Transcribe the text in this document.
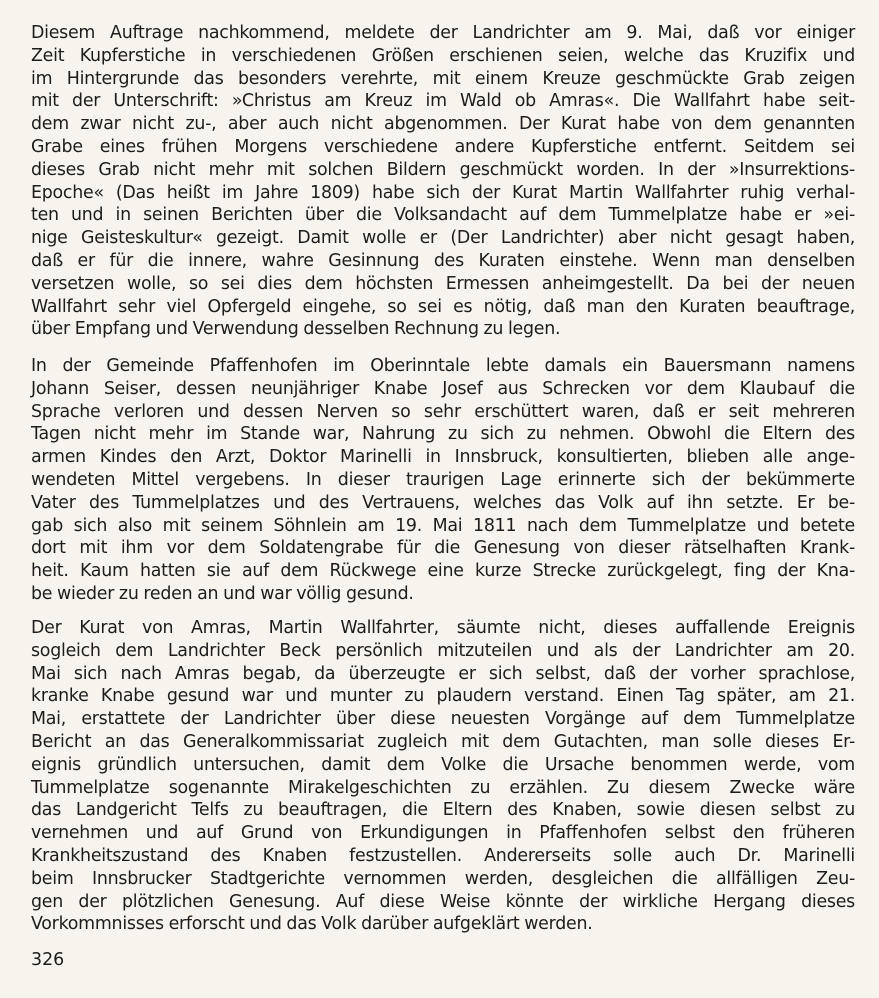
Diesem Auftrage nachkommend, meldete der Landrichter am 9. Mai, daß vor einiger
Zeit Kupferstiche in verschiedenen Größen erschienen seien, welche das Kruzifix und
im Hintergrunde das besonders verehrte, mit einem Kreuze geschmückte Grab zeigen
mit der Unterschrift: »Christus am Kreuz im Wald ob Amras«. Die Wallfahrt habe seit-
dem zwar nicht zu-, aber auch nicht abgenommen. Der Kurat habe von dem genannten
Grabe eines frühen Morgens verschiedene andere Kupferstiche entfernt. Seitdem sei
dieses Grab nicht mehr mit solchen Bildern geschmückt worden. In der »Insurrektions-
Epoche« (Das heißt im Jahre 1809) habe sich der Kurat Martin Wallfahrter ruhig verhal-
ten und in seinen Berichten über die Volksandacht auf dem Tummelplatze habe er »ei-
nige Geisteskultur« gezeigt. Damit wolle er (Der Landrichter) aber nicht gesagt haben,
daß er für die innere, wahre Gesinnung des Kuraten einstehe. Wenn man denselben
versetzen wolle, so sei dies dem höchsten Ermessen anheimgestellt. Da bei der neuen
Wallfahrt sehr viel Opfergeld eingehe, so sei es nötig, daß man den Kuraten beauftrage,
über Empfang und Verwendung desselben Rechnung zu legen.
In der Gemeinde Pfaffenhofen im Oberinntale lebte damals ein Bauersmann namens
Johann Seiser, dessen neunjähriger Knabe Josef aus Schrecken vor dem Klaubauf die
Sprache verloren und dessen Nerven so sehr erschüttert waren, daß er seit mehreren
Tagen nicht mehr im Stande war, Nahrung zu sich zu nehmen. Obwohl die Eltern des
armen Kindes den Arzt, Doktor Marinelli in Innsbruck, konsultierten, blieben alle ange-
wendeten Mittel vergebens. In dieser traurigen Lage erinnerte sich der bekümmerte
Vater des Tummelplatzes und des Vertrauens, welches das Volk auf ihn setzte. Er be-
gab sich also mit seinem Söhnlein am 19. Mai 1811 nach dem Tummelplatze und betete
dort mit ihm vor dem Soldatengrabe für die Genesung von dieser rätselhaften Krank-
heit. Kaum hatten sie auf dem Rückwege eine kurze Strecke zurückgelegt, fing der Kna-
be wieder zu reden an und war völlig gesund.
Der Kurat von Amras, Martin Wallfahrter, säumte nicht, dieses auffallende Ereignis
sogleich dem Landrichter Beck persönlich mitzuteilen und als der Landrichter am 20.
Mai sich nach Amras begab, da überzeugte er sich selbst, daß der vorher sprachlose,
kranke Knabe gesund war und munter zu plaudern verstand. Einen Tag später, am 21.
Mai, erstattete der Landrichter über diese neuesten Vorgänge auf dem Tummelplatze
Bericht an das Generalkommissariat zugleich mit dem Gutachten, man solle dieses Er-
eignis gründlich untersuchen, damit dem Volke die Ursache benommen werde, vom
Tummelplatze sogenannte Mirakelgeschichten zu erzählen. Zu diesem Zwecke wäre
das Landgericht Telfs zu beauftragen, die Eltern des Knaben, sowie diesen selbst zu
vernehmen und auf Grund von Erkundigungen in Pfaffenhofen selbst den früheren
Krankheitszustand des Knaben festzustellen. Andererseits solle auch Dr. Marinelli
beim Innsbrucker Stadtgerichte vernommen werden, desgleichen die allfälligen Zeu-
gen der plötzlichen Genesung. Auf diese Weise könnte der wirkliche Hergang dieses
Vorkommnisses erforscht und das Volk darüber aufgeklärt werden.
326
